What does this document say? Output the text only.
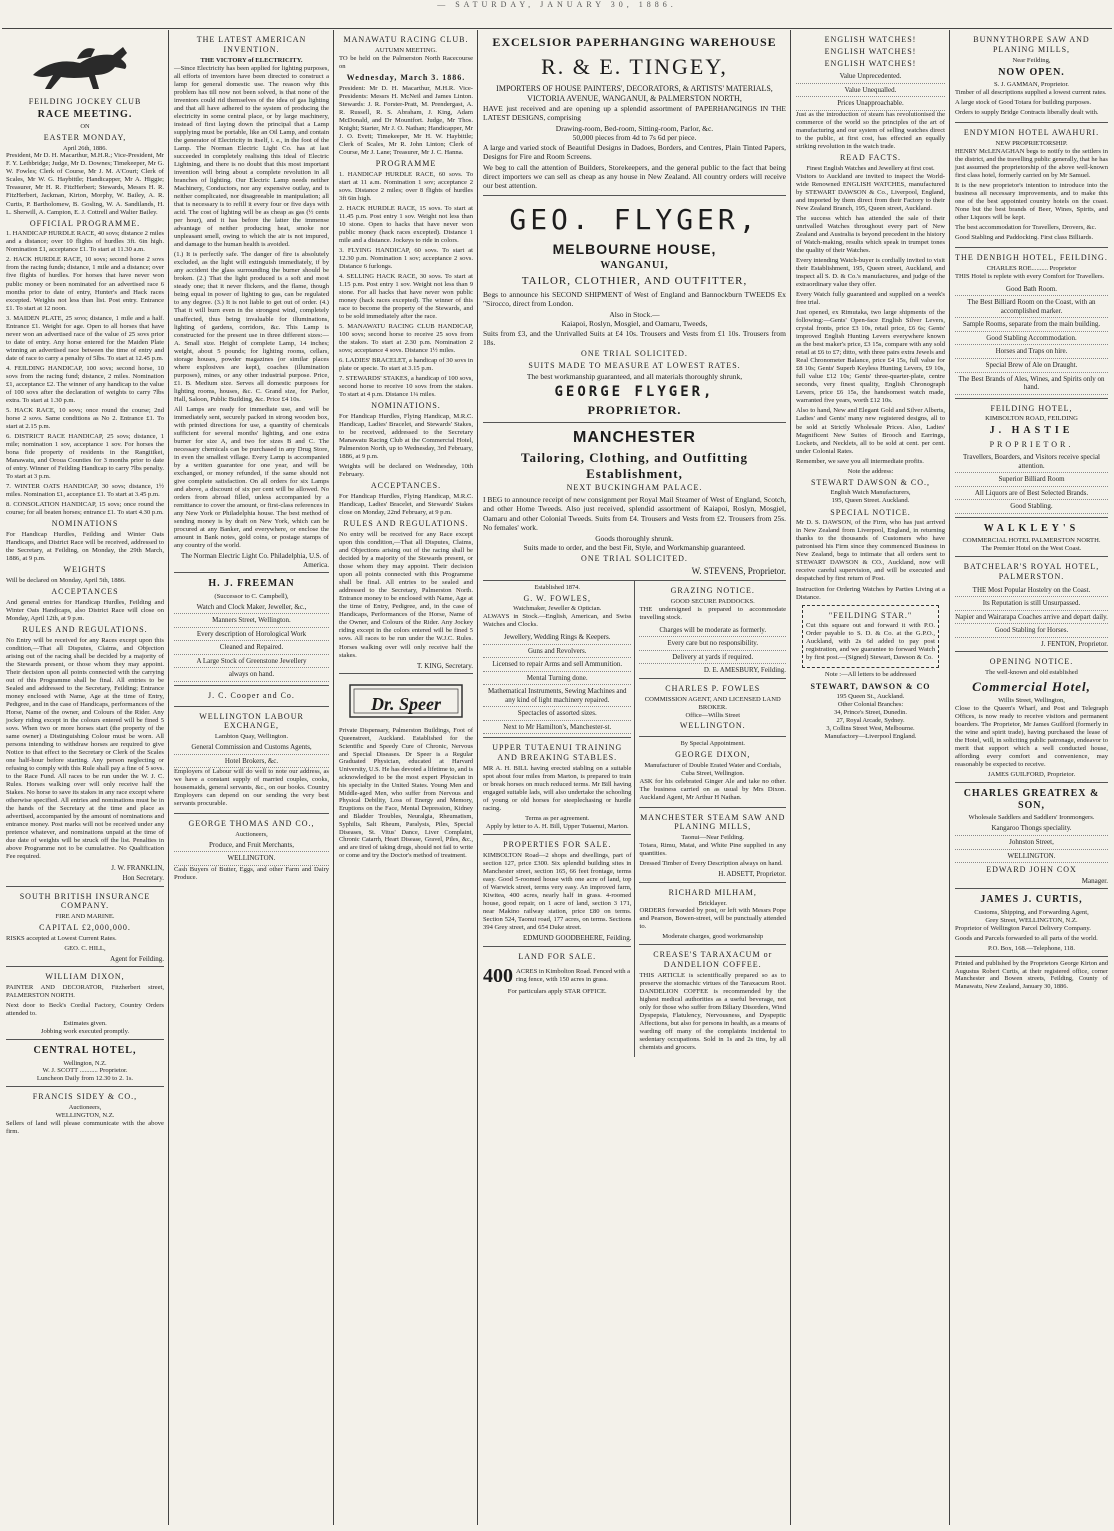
— SATURDAY, JANUARY 30, 1886.
FEILDING JOCKEY CLUB
RACE MEETING.
ON
EASTER MONDAY,
April 26th, 1886.

President, Mr D. H. Macarthur, M.H.R.; Vice-President, Mr F. Y. Lethbridge; Judge, Mr D. Downes; Timekeeper, Mr G. W. Fowles; Clerk of Course, Mr J. M. A'Court; Clerk of Scales, Mr W. G. Haybittle; Handicapper, Mr A. Higgie; Treasurer, Mr H. R. FitzHerbert; Stewards, Messrs H. R. FitzHerbert, Jackman, Kirton, Morphy, W. Bailey, A. R. Curtis, P. Bartholomew, B. Gosling, W. A. Sandilands, H. L. Sherwill, A. Campion, E. J. Cottrell and Walter Bailey.

OFFICIAL PROGRAMME.

1. HANDICAP HURDLE RACE, 40 sovs; distance 2 miles and a distance; over 10 flights of hurdles 3ft. 6in high. Nomination £1, acceptance £1. To start at 11.30 a.m.

2. HACK HURDLE RACE, 10 sovs; second horse 2 sovs from the racing funds; distance, 1 mile and a distance; over five flights of hurdles. For horses that have never won public money or been nominated for an advertised race 6 months prior to date of entry, Hunter's and Hack races excepted. Weights not less than list. Post entry. Entrance £1. To start at 12 noon.

3. MAIDEN PLATE, 25 sovs; distance, 1 mile and a half. Entrance £1. Weight for age. Open to all horses that have never won an advertised race of the value of 25 sovs prior to date of entry. Any horse entered for the Maiden Plate winning an advertised race between the time of entry and date of race to carry a penalty of 5lbs. To start at 12.45 p.m.

4. FEILDING HANDICAP, 100 sovs; second horse, 10 sovs from the racing fund; distance, 2 miles. Nomination £1, acceptance £2. The winner of any handicap to the value of 100 sovs after the declaration of weights to carry 7lbs extra. To start at 1.30 p.m.

5. HACK RACE, 10 sovs; once round the course; 2nd horse 2 sovs. Same conditions as No 2. Entrance £1. To start at 2.15 p.m.

6. DISTRICT RACE HANDICAP, 25 sovs; distance, 1 mile; nomination 1 sov, acceptance 1 sov. For horses the bona fide property of residents in the Rangitikei, Manawatu, and Oroua Counties for 3 months prior to date of entry. Winner of Feilding Handicap to carry 7lbs penalty. To start at 3 p.m.

7. WINTER OATS HANDICAP, 30 sovs; distance, 1½ miles. Nomination £1, acceptance £1. To start at 3.45 p.m.

8. CONSOLATION HANDICAP, 15 sovs; once round the course; for all beaten horses; entrance £1. To start 4.30 p.m.

NOMINATIONS

For Handicap Hurdles, Feilding and Winter Oats Handicaps, and District Race will be received, addressed to the Secretary, at Feilding, on Monday, the 29th March, 1886, at 9 p.m.

WEIGHTS

Will be declared on Monday, April 5th, 1886.

ACCEPTANCES

And general entries for Handicap Hurdles, Feilding and Winter Oats Handicaps, also District Race will close on Monday, April 12th, at 9 p.m.

RULES AND REGULATIONS.

No Entry will be received for any Races except upon this condition,—That all Disputes, Claims, and Objection arising out of the racing shall be decided by a majority of the Stewards present, or those whom they may appoint. Their decision upon all points connected with the carrying out of this Programme shall be final. All entries to be Sealed and addressed to the Secretary, Feilding; Entrance money enclosed with Name, Age at the time of Entry, Pedigree, and in the case of Handicaps, performances of the Horse, Name of the owner, and Colours of the Rider. Any jockey riding except in the colours entered will be fined 5 sovs. When two or more horses start (the property of the same owner) a Distinguishing Colour must be worn. All persons intending to withdraw horses are required to give Notice to that effect to the Secretary or Clerk of the Scales one half-hour before starting. Any person neglecting or refusing to comply with this Rule shall pay a fine of 5 sovs. to the Race Fund. All races to be run under the W. J. C. Rules. Horses walking over will only receive half the Stakes. No horse to save its stakes in any race except where otherwise specified. All entries and nominations must be in the hands of the Secretary at the time and place as advertised, accompanied by the amount of nominations and entrance money. Post marks will not be received under any pretence whatever, and nominations unpaid at the time of due date of weights will be struck off the list. Penalties in above Programme not to be cumulative. No Qualification Fee required.

J. W. FRANKLIN,
Hon Secretary.
SOUTH BRITISH INSURANCE COMPANY.
FIRE AND MARINE.
CAPITAL £2,000,000.

RISKS accepted at Lowest Current Rates.

GEO. C. HILL,
Agent for Feilding.
WILLIAM DIXON,

PAINTER AND DECORATOR, Fitzherbert street, PALMERSTON NORTH.

Next door to Beck's Cordial Factory, Country Orders attended to.

Estimates given.
Jobbing work executed promptly.
CENTRAL HOTEL,
Wellington, N.Z.
W. J. SCOTT ........... Proprietor.
Luncheon Daily from 12.30 to 2. 1s.
FRANCIS SIDEY & CO.,
Auctioneers,
WELLINGTON, N.Z.

Sellers of land will please communicate with the above firm.

THE LATEST AMERICAN INVENTION.
THE VICTORY of ELECTRICITY.

—Since Electricity has been applied for lighting purposes, all efforts of inventors have been directed to construct a lamp for general domestic use. The reason why this problem has till now not been solved, is that none of the inventors could rid themselves of the idea of gas lighting and that all have adhered to the system of producing the electricity in some central place, or by large machinery, instead of first laying down the principal that a Lamp supplying must be portable, like an Oil Lamp, and contain the generator of Electricity in itself, i. e., in the foot of the Lamp. The Norman Electric Light Co. has at last succeeded in completely realising this ideal of Electric Lightning, and there is no doubt that this most important invention will bring about a complete revolution in all branches of lighting. Our Electric Lamp needs neither Machinery, Conductors, nor any expensive outlay, and is neither complicated, nor disagreeable in manipulation; all that is necessary is to refill it every four or five days with acid. The cost of lighting will be as cheap as gas (½ cents per hour), and it has before the latter the immense advantage of neither producing heat, smoke nor unpleasant smell, owing to which the air is not impured, and damage to the human health is avoided.

(1.) It is perfectly safe. The danger of fire is absolutely excluded, as the light will extinguish immediately, if by any accident the glass surrounding the burner should be broken. (2.) That the light produced is a soft and most steady one; that it never flickers, and the flame, though being equal in power of lighting to gas, can be regulated to any degree. (3.) It is not liable to get out of order. (4.) That it will burn even in the strongest wind, completely unaffected, thus being invaluable for illuminations, lighting of gardens, corridors, &c. This Lamp is constructed for the present use in three different sizes:— A. Small size. Height of complete Lamp, 14 inches; weight, about 5 pounds; for lighting rooms, cellars, storage houses, powder magazines (or similar places where explosives are kept), coaches (illumination purposes), mines, or any other industrial purpose. Price, £1. B. Medium size. Serves all domestic purposes for lighting rooms, houses, &c. C. Grand size, for Parlor, Hall, Saloon, Public Building, &c. Price £4 10s.

All Lamps are ready for immediate use, and will be immediately sent, securely packed in strong wooden box, with printed directions for use, a quantity of chemicals sufficient for several months' lighting, and one extra burner for size A, and two for sizes B and C. The necessary chemicals can be purchased in any Drug Store, in even the smallest village. Every Lamp is accompanied by a written guarantee for one year, and will be exchanged, or money refunded, if the same should not give complete satisfaction. On all orders for six Lamps and above, a discount of six per cent will be allowed. No orders from abroad filled, unless accompanied by a remittance to cover the amount, or first-class references in any New York or Philadelphia house. The best method of sending money is by draft on New York, which can be procured at any Banker, and everywhere, or enclose the amount in Bank notes, gold coins, or postage stamps of any country of the world.

The Norman Electric Light Co. Philadelphia, U.S. of America.
H. J. FREEMAN
(Successor to C. Campbell),
Watch and Clock Maker, Jeweller, &c.,
Manners Street, Wellington.
Every description of Horological Work
Cleaned and Repaired.
A Large Stock of Greenstone Jewellery
always on hand.
J. C. Cooper and Co.
WELLINGTON LABOUR EXCHANGE,
Lambton Quay, Wellington.
General Commission and Customs Agents,
Hotel Brokers, &c.

Employers of Labour will do well to note our address, as we have a constant supply of married couples, cooks, housemaids, general servants, &c., on our books. Country Employers can depend on our sending the very best servants procurable.

GEORGE THOMAS AND CO.,
Auctioneers,
Produce, and Fruit Merchants,
WELLINGTON.

Cash Buyers of Butter, Eggs, and other Farm and Dairy Produce.

MANAWATU RACING CLUB.
AUTUMN MEETING.

TO be held on the Palmerston North Racecourse on

Wednesday, March 3. 1886.

President: Mr D. H. Macarthur, M.H.R. Vice-Presidents: Messrs H. McNeil and James Linton. Stewards: J. R. Forster-Pratt, M. Prendergast, A. R. Russell, R. S. Abraham, J. King, Adam McDonald, and Dr Mountfort. Judge, Mr Thos. Knight; Starter, Mr J. O. Nathan; Handicapper, Mr J. O. Evett; Timekeeper, Mr H. W. Haybittle; Clerk of Scales, Mr R. John Linton; Clerk of Course, Mr J. Lane; Treasurer, Mr J. C. Hanna.

PROGRAMME

1. HANDICAP HURDLE RACE, 60 sovs. To start at 11 a.m. Nomination 1 sov; acceptance 2 sovs. Distance 2 miles; over 8 flights of hurdles 3ft 6in high.

2. HACK HURDLE RACE, 15 sovs. To start at 11.45 p.m. Post entry 1 sov. Weight not less than 10 stone. Open to hacks that have never won public money (hack races excepted). Distance 1 mile and a distance. Jockeys to ride in colors.

3. FLYING HANDICAP, 60 sovs. To start at 12.30 p.m. Nomination 1 sov; acceptance 2 sovs. Distance 6 furlongs.

4. SELLING HACK RACE, 30 sovs. To start at 1.15 p.m. Post entry 1 sov. Weight not less than 9 stone. For all hacks that have never won public money (hack races excepted). The winner of this race to become the property of the Stewards, and to be sold immediately after the race.

5. MANAWATU RACING CLUB HANDICAP, 100 sovs; second horse to receive 25 sovs from the stakes. To start at 2.30 p.m. Nomination 2 sovs; acceptance 4 sovs. Distance 1½ miles.

6. LADIES' BRACELET, a handicap of 30 sovs in plate or specie. To start at 3.15 p.m.

7. STEWARDS' STAKES, a handicap of 100 sovs, second horse to receive 10 sovs from the stakes. To start at 4 p.m. Distance 1¼ miles.

NOMINATIONS.

For Handicap Hurdles, Flying Handicap, M.R.C. Handicap, Ladies' Bracelet, and Stewards' Stakes, to be received, addressed to the Secretary Manawatu Racing Club at the Commercial Hotel, Palmerston North, up to Wednesday, 3rd February, 1886, at 9 p.m.

Weights will be declared on Wednesday, 10th February.

ACCEPTANCES.

For Handicap Hurdles, Flying Handicap, M.R.C. Handicap, Ladies' Bracelet, and Stewards' Stakes close on Monday, 22nd February, at 9 p.m.

RULES AND REGULATIONS.

No entry will be received for any Race except upon this condition,—That all Disputes, Claims, and Objections arising out of the racing shall be decided by a majority of the Stewards present, or those whom they may appoint. Their decision upon all points connected with this Programme shall be final. All entries to be sealed and addressed to the Secretary, Palmerston North. Entrance money to be enclosed with Name, Age at the time of Entry, Pedigree, and, in the case of Handicaps, Performances of the Horse, Name of the Owner, and Colours of the Rider. Any Jockey riding except in the colors entered will be fined 5 sovs. All races to be run under the W.J.C. Rules. Horses walking over will only receive half the stakes.

T. KING, Secretary.
Dr. Speer

Private Dispensary, Palmerston Buildings, Foot of Queenstreet, Auckland. Established for the Scientific and Speedy Cure of Chronic, Nervous and Special Diseases. Dr Speer is a Regular Graduated Physician, educated at Harvard University, U.S. He has devoted a lifetime to, and is acknowledged to be the most expert Physician in his specialty in the United States. Young Men and Middle-aged Men, who suffer from Nervous and Physical Debility, Loss of Energy and Memory, Eruptions on the Face, Mental Depression, Kidney and Bladder Troubles, Neuralgia, Rheumatism, Syphilis, Salt Rheum, Paralysis, Piles, Special Diseases, St. Vitus' Dance, Liver Complaint, Chronic Catarrh, Heart Disease, Gravel, Piles, &c., and are tired of taking drugs, should not fail to write or come and try the Doctor's method of treatment.

EXCELSIOR PAPERHANGING WAREHOUSE
R. & E. TINGEY,
IMPORTERS OF HOUSE PAINTERS', DECORATORS, & ARTISTS' MATERIALS,
VICTORIA AVENUE, WANGANUI, & PALMERSTON NORTH,

HAVE just received and are opening up a splendid assortment of PAPERHANGINGS IN THE LATEST DESIGNS, comprising

Drawing-room, Bed-room, Sitting-room, Parlor, &c.
50,000 pieces from 4d to 7s 6d per piece.

A large and varied stock of Beautiful Designs in Dadoes, Borders, and Centres, Plain Tinted Papers, Designs for Fire and Room Screens.

We beg to call the attention of Builders, Storekeepers, and the general public to the fact that being direct importers we can sell as cheap as any house in New Zealand. All country orders will receive our best attention.

GEO. FLYGER,
MELBOURNE HOUSE,
WANGANUI,
TAILOR, CLOTHIER, AND OUTFITTER,

Begs to announce his SECOND SHIPMENT of West of England and Bannockburn TWEEDS Ex "Sirocco, direct from London.

Also in Stock.—
Kaiapoi, Roslyn, Mosgiel, and Oamaru, Tweeds,

Suits from £3, and the Unrivalled Suits at £4 10s. Trousers and Vests from £1 10s. Trousers from 18s.

ONE TRIAL SOLICITED.
SUITS MADE TO MEASURE AT LOWEST RATES.
The best workmanship guaranteed, and all materials thoroughly shrunk,
GEORGE FLYGER,
PROPRIETOR.
MANCHESTER
Tailoring, Clothing, and Outfitting Establishment,
NEXT BUCKINGHAM PALACE.

I BEG to announce receipt of new consignment per Royal Mail Steamer of West of England, Scotch, and other Home Tweeds. Also just received, splendid assortment of Kaiapoi, Roslyn, Mosgiel, Oamaru and other Colonial Tweeds. Suits from £4. Trousers and Vests from £2. Trousers from 25s. No females' work.

Goods thoroughly shrunk.
Suits made to order, and the best Fit, Style, and Workmanship guaranteed.
ONE TRIAL SOLICITED.
W. STEVENS, Proprietor.
Established 1874.
G. W. FOWLES,
Watchmaker, Jeweller & Optician.

ALWAYS in Stock.—English, American, and Swiss Watches and Clocks.

Jewellery, Wedding Rings & Keepers.
Guns and Revolvers.
Licensed to repair Arms and sell Ammunition.
Mental Turning done.
Mathematical Instruments, Sewing Machines and any kind of light machinery repaired.
Spectacles of assorted sizes.
Next to Mr Hamilton's, Manchester-st.
UPPER TUTAENUI TRAINING AND BREAKING STABLES.

MR A. H. BILL having erected stabling on a suitable spot about four miles from Marton, is prepared to train or break horses on much reduced terms. Mr Bill having engaged suitable lads, will also undertake the schooling of young or old horses for steeplechasing or hurdle racing.

Terms as per agreement.
Apply by letter to A. H. Bill, Upper Tutaenui, Marton.
PROPERTIES FOR SALE.

KIMBOLTON Road—2 shops and dwellings, part of section 127, price £300. Six splendid building sites in Manchester street, section 165, 66 feet frontage, terms easy. Good 5-roomed house with one acre of land, top of Warwick street, terms very easy. An improved farm, Kiwitea, 400 acres, nearly half in grass. 4-roomed house, good repair, on 1 acre of land, section 3 171, near Makino railway station, price £80 on terms. Section 524, Taonui road, 177 acres, on terms. Sections 394 Grey street, and 654 Duke street.

EDMUND GOODBEHERE, Feilding.
LAND FOR SALE.
400 ACRES in Kimbolton Road. Fenced with a ring fence, with 150 acres in grass.
For particulars apply STAR OFFICE.
GRAZING NOTICE.
GOOD SECURE PADDOCKS.

THE undersigned is prepared to accommodate travelling stock.

Charges will be moderate as formerly.
Every care but no responsibility.
Delivery at yards if required.
D. E. AMESBURY, Feilding.
CHARLES P. FOWLES
COMMISSION AGENT, AND LICENSED LAND BROKER.
Office—Willis Street
WELLINGTON.
By Special Appointment.
GEORGE DIXON,
Manufacturer of Double Erated Water and Cordials,
Cuba Street, Wellington.

ASK for his celebrated Ginger Ale and take no other. The business carried on as usual by Mrs Dixon. Auckland Agent, Mr Arthur H Nathan.

MANCHESTER STEAM SAW AND PLANING MILLS,
Taonui—Near Feilding.

Totara, Rimu, Matai, and White Pine supplied in any quantities.

Dressed Timber of Every Description always on hand.

H. ADSETT, Proprietor.
RICHARD MILHAM,
Bricklayer.

ORDERS forwarded by post, or left with Messrs Pope and Pearson, Bowen-street, will be punctually attended to.

Moderate charges, good workmanship
CREASE'S TARAXACUM or DANDELION COFFEE.

THIS ARTICLE is scientifically prepared so as to preserve the stomachic virtues of the Taraxacum Root. DANDELION COFFEE is recommended by the highest medical authorities as a useful beverage, not only for those who suffer from Biliary Disorders, Wind Dyspepsia, Flatulency, Nervousness, and Dyspeptic Affections, but also for persons in health, as a means of warding off many of the complaints incidental to sedentary occupations. Sold in 1s and 2s tins, by all chemists and grocers.

ENGLISH WATCHES!
ENGLISH WATCHES!
ENGLISH WATCHES!
Value Unprecedented.
Value Unequalled.
Prices Unapproachable.

Just as the introduction of steam has revolutionised the commerce of the world so the principles of the art of manufacturing and our system of selling watches direct to the public, at first cost, has effected an equally striking revolution in the watch trade.

READ FACTS.
Finest English Watches and Jewellery at first cost.

Visitors to Auckland are invited to inspect the World-wide Renowned ENGLISH WATCHES, manufactured by STEWART DAWSON & Co., Liverpool, England, and imported by them direct from their Factory to their New Zealand Branch, 195, Queen street, Auckland.

The success which has attended the sale of their unrivalled Watches throughout every part of New Zealand and Australia is beyond precedent in the history of Watch-making, results which speak in trumpet tones the quality of their Watches.

Every intending Watch-buyer is cordially invited to visit their Establishment, 195, Queen street, Auckland, and inspect all S. D. & Co.'s manufactures, and judge of the extraordinary value they offer.

Every Watch fully guaranteed and supplied on a week's free trial.

Just opened, ex Rimutaka, two large shipments of the following:—Gents' Open-face English Silver Levers, crystal fronts, price £3 10s, retail price, £6 6s; Gents' improved English Hunting Levers everywhere known as the best maker's price, £3 15s, compare with any sold retail at £6 to £7; ditto, with three pairs extra Jewels and Real Chronometer Balance, price £4 15s, full value for £8 10s; Gents' Superb Keyless Hunting Levers, £9 10s, full value £12 10s; Gents' three-quarter-plate, centre seconds, very finest quality, English Chronograph Levers, price £6 15s, the handsomest watch made, warranted five years, worth £12 10s.

Also to hand, New and Elegant Gold and Silver Alberts, Ladies' and Gents' many new registered designs, all to be sold at Strictly Wholesale Prices. Also, Ladies' Magnificent New Suites of Brooch and Earrings, Lockets, and Necklets, all to be sold at cent. per cent. under Colonial Rates.

Remember, we save you all intermediate profits.

Note the address:
STEWART DAWSON & CO.,
English Watch Manufacturers,
195, Queen Street. Auckland.
SPECIAL NOTICE.

Mr D. S. DAWSON, of the Firm, who has just arrived in New Zealand from Liverpool, England, in returning thanks to the thousands of Customers who have patronised his Firm since they commenced Business in New Zealand, begs to intimate that all orders sent to STEWART DAWSON & CO., Auckland, now will receive careful supervision, and will be executed and despatched by first return of Post.

Instruction for Ordering Watches by Parties Living at a Distance.

"FEILDING STAR."

Cut this square out and forward it with P.O. Order payable to S. D. & Co. at the G.P.O., Auckland, with 2s 6d added to pay post registration, and we guarantee to forward Watch by first post.—(Signed) Stewart, Dawson & Co.

Note :—All letters to be addressed
STEWART, DAWSON & CO
195 Queen St., Auckland.
Other Colonial Branches:
34, Prince's Street, Dunedin.
27, Royal Arcade, Sydney.
3, Collins Street West, Melbourne.
Manufactory—Liverpool England.
BUNNYTHORPE SAW AND PLANING MILLS,
Near Feilding,
NOW OPEN.
S. J. GAMMAN, Proprietor.

Timber of all descriptions supplied a lowest current rates.

A large stock of Good Totara for building purposes.

Orders to supply Bridge Contracts liberally dealt with.

ENDYMION HOTEL AWAHURI.
NEW PROPRIETORSHIP.

HENRY McLENAGHAN begs to notify to the settlers in the district, and the travelling public generally, that he has just assumed the proprietorship of the above well-known first class hotel, formerly carried on by Mr Samuel.

It is the new proprietor's intention to introduce into the business all necessary improvements, and to make this one of the best appointed country hotels on the coast. None but the best brands of Beer, Wines, Spirits, and other Liquors will be kept.

The best accommodation for Travellers, Drovers, &c.

Good Stabling and Paddocking. First class Billiards.

THE DENBIGH HOTEL, FEILDING.
CHARLES ROE.......... Proprietor

THIS Hotel is replete with every Comfort for Travellers.

Good Bath Room.
The Best Billiard Room on the Coast, with an accomplished marker.
Sample Rooms, separate from the main building.
Good Stabling Accommodation.
Horses and Traps on hire.
Special Brew of Ale on Draught.
The Best Brands of Ales, Wines, and Spirits only on hand.
FEILDING HOTEL,
KIMBOLTON ROAD, FEILDING
J. HASTIE
PROPRIETOR.
Travellers, Boarders, and Visitors receive special attention.
Superior Billiard Room
All Liquors are of Best Selected Brands.
Good Stabling.
WALKLEY'S
COMMERCIAL HOTEL PALMERSTON NORTH.
The Premier Hotel on the West Coast.
BATCHELAR'S ROYAL HOTEL, PALMERSTON.
THE Most Popular Hostelry on the Coast.
Its Reputation is still Unsurpassed.
Napier and Wairarapa Coaches arrive and depart daily.
Good Stabling for Horses.
J. FENTON, Proprietor.
OPENING NOTICE.
The well-known and old established
Commercial Hotel,
Willis Street, Wellington,

Close to the Queen's Wharf, and Post and Telegraph Offices, is now ready to receive visitors and permanent boarders. The Proprietor, Mr James Guilford (formerly in the wine and spirit trade), having purchased the lease of the Hotel, will, in soliciting public patronage, endeavor to merit that support which a well conducted house, affording every comfort and convenience, may reasonably be expected to receive.

JAMES GUILFORD, Proprietor.
CHARLES GREATREX & SON,
Wholesale Saddlers and Saddlers' Ironmongers.
Kangaroo Thongs speciality.
Johnston Street,
WELLINGTON.
EDWARD JOHN COX
Manager.
JAMES J. CURTIS,
Customs, Shipping, and Forwarding Agent,
Grey Street, WELLINGTON, N.Z.

Proprietor of Wellington Parcel Delivery Company.

Goods and Parcels forwarded to all parts of the world.

P.O. Box, 168.—Telephone, 118.

Printed and published by the Proprietors George Kirton and Augustus Robert Curtis, at their registered office, corner Manchester and Bowen streets, Feilding, County of Manawatu, New Zealand, January 30, 1886.
